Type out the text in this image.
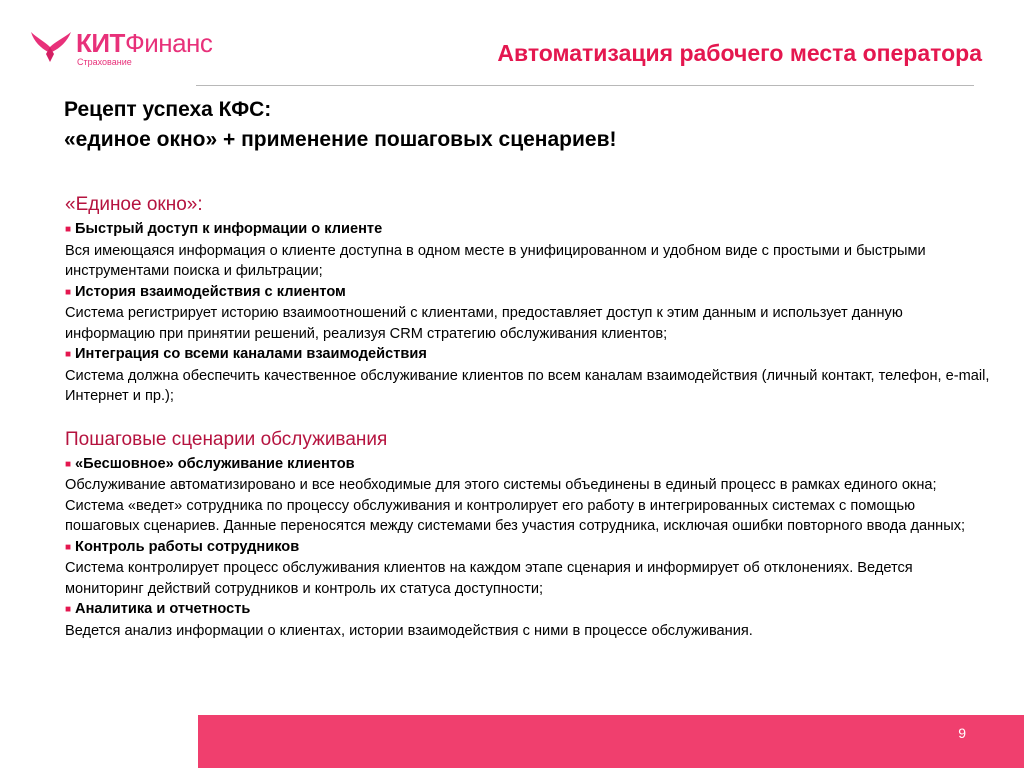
КИТФинанс
Страхование	Автоматизация рабочего места оператора
Рецепт успеха КФС:
«единое окно» + применение пошаговых сценариев!
«Единое окно»:
■ Быстрый доступ к информации о клиенте
Вся имеющаяся информация о клиенте доступна в одном месте в унифицированном и удобном виде с простыми и быстрыми инструментами поиска и фильтрации;
■ История взаимодействия с клиентом
Система регистрирует историю взаимоотношений с клиентами, предоставляет доступ к этим данным и использует данную информацию при принятии решений, реализуя CRM стратегию обслуживания клиентов;
■ Интеграция со всеми каналами взаимодействия
Система должна обеспечить качественное обслуживание клиентов по всем каналам взаимодействия (личный контакт, телефон, e-mail, Интернет и пр.);
Пошаговые сценарии обслуживания
■ «Бесшовное» обслуживание клиентов
Обслуживание автоматизировано и все необходимые для этого системы объединены в единый процесс в рамках единого окна;
Система «ведет» сотрудника по процессу обслуживания и контролирует его работу в интегрированных системах с помощью пошаговых сценариев. Данные переносятся между системами без участия сотрудника, исключая ошибки повторного ввода данных;
■ Контроль работы сотрудников
Система контролирует процесс обслуживания клиентов на каждом этапе сценария и информирует об отклонениях. Ведется мониторинг действий сотрудников и контроль их статуса доступности;
■ Аналитика и отчетность
Ведется анализ информации о клиентах, истории взаимодействия с ними в процессе обслуживания.
9
